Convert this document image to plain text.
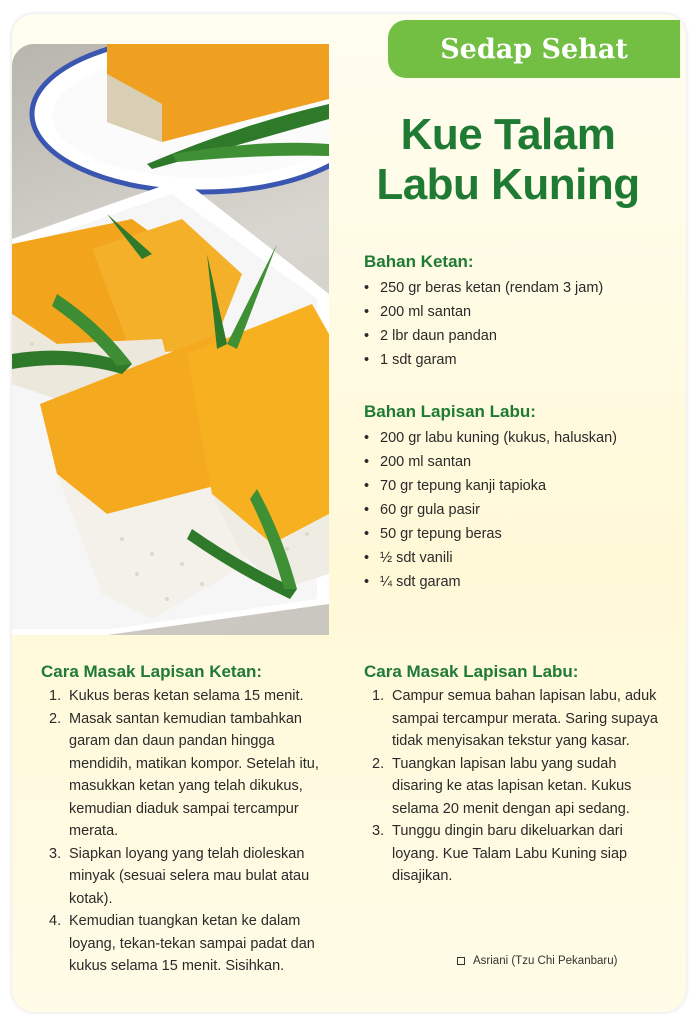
Sedap Sehat
Kue Talam
Labu Kuning
Bahan Ketan:
• 250 gr beras ketan (rendam 3 jam)
• 200 ml santan
• 2 lbr daun pandan
• 1 sdt garam
Bahan Lapisan Labu:
• 200 gr labu kuning (kukus, haluskan)
• 200 ml santan
• 70 gr tepung kanji tapioka
• 60 gr gula pasir
• 50 gr tepung beras
• ½ sdt vanili
• ¼ sdt garam
Cara Masak Lapisan Ketan:
1. Kukus beras ketan selama 15 menit.
2. Masak santan kemudian tambahkan garam dan daun pandan hingga mendidih, matikan kompor. Setelah itu, masukkan ketan yang telah dikukus, kemudian diaduk sampai tercampur merata.
3. Siapkan loyang yang telah dioleskan minyak (sesuai selera mau bulat atau kotak).
4. Kemudian tuangkan ketan ke dalam loyang, tekan-tekan sampai padat dan kukus selama 15 menit. Sisihkan.
Cara Masak Lapisan Labu:
1. Campur semua bahan lapisan labu, aduk sampai tercampur merata. Saring supaya tidak menyisakan tekstur yang kasar.
2. Tuangkan lapisan labu yang sudah disaring ke atas lapisan ketan. Kukus selama 20 menit dengan api sedang.
3. Tunggu dingin baru dikeluarkan dari loyang. Kue Talam Labu Kuning siap disajikan.
Asriani (Tzu Chi Pekanbaru)
